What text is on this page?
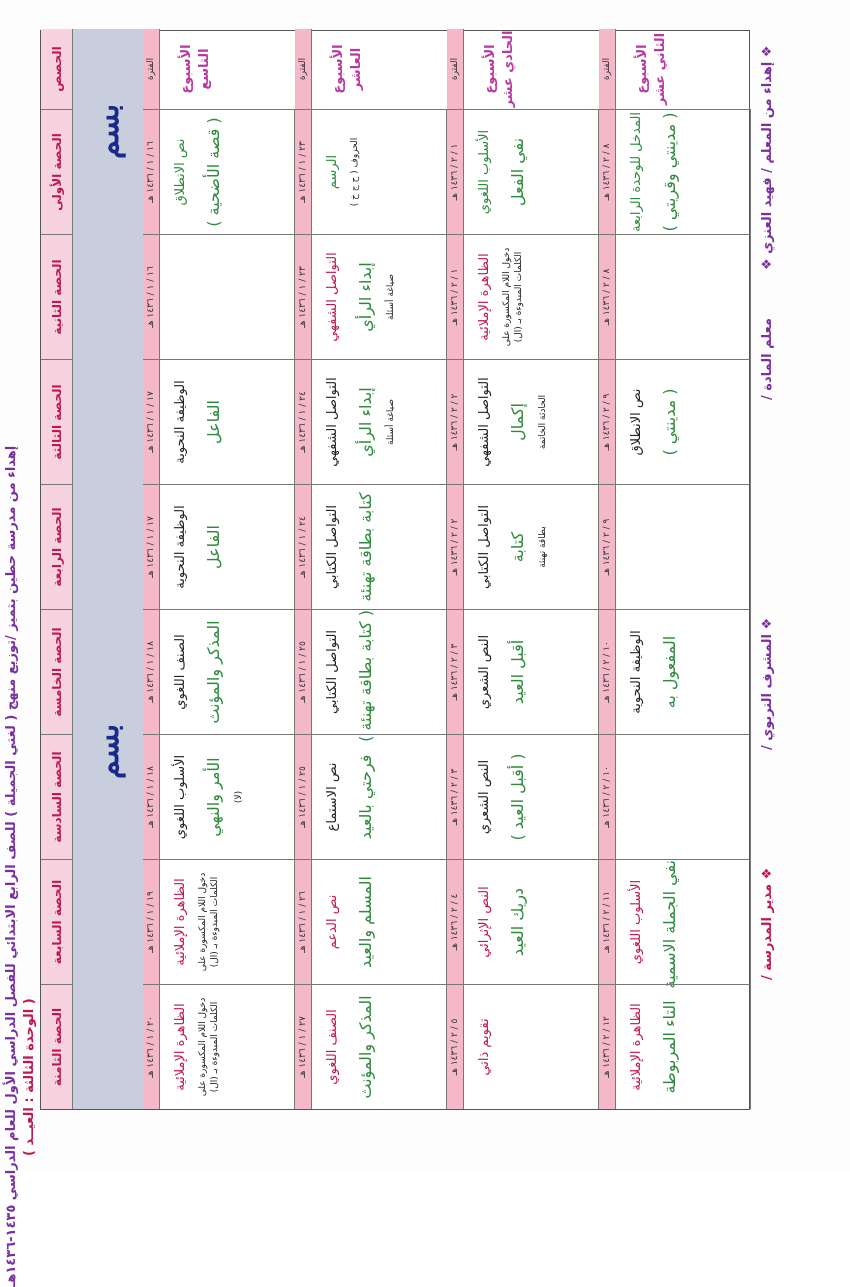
إهداء من مدرسة حطين بتميز /
توزيع منهج ( لغتي الجميلة ) للصف الرابع الابتدائي للفصل الدراسي الأول للعام الدراسي ١٤٣٥-١٤٣٦هـ ( الوحدة الثالثة : العيــد )
❖ إهداء من المعلم / فهيد العنزي ❖
معلم المادة /
❖ المشرف التربوي /
❖ مدير المدرسة /
الحصة الثامنة
الحصة السابعة
الحصة السادسة
الحصة الخامسة
الحصة الرابعة
الحصة الثالثة
الحصة الثانية
الحصة الأولى
الحصص
بسم
بسم
الأسبوع التاسع
الفترة
١٦ / ١ / ١٤٣٦ هـ
١٦ / ١ / ١٤٣٦ هـ
١٧ / ١ / ١٤٣٦ هـ
١٧ / ١ / ١٤٣٦ هـ
١٨ / ١ / ١٤٣٦ هـ
١٨ / ١ / ١٤٣٦ هـ
١٩ / ١ / ١٤٣٦ هـ
٢٠ / ١ / ١٤٣٦ هـ
نص الانطلاق ( قصة الأضحية )
الوظيفة النحوية الفاعل
الوظيفة النحوية الفاعل
الصنف اللغوي المذكر والمؤنث
الأسلوب اللغوي الأمر والنهي (لا)
الظاهرة الإملائية دخول اللام المكسورة على الكلمات المبدوءة بـ (ال)
الظاهرة الإملائية دخول اللام المكسورة على الكلمات المبدوءة بـ (ال)
الأسبوع العاشر
الفترة
٢٣ / ١ / ١٤٣٦ هـ
٢٣ / ١ / ١٤٣٦ هـ
٢٤ / ١ / ١٤٣٦ هـ
٢٤ / ١ / ١٤٣٦ هـ
٢٥ / ١ / ١٤٣٦ هـ
٢٥ / ١ / ١٤٣٦ هـ
٢٦ / ١ / ١٤٣٦ هـ
٢٧ / ١ / ١٤٣٦ هـ
الرسم الحروف ( ح ج خ )
التواصل الشفهي إبداء الرأي صياغة أسئلة
التواصل الشفهي إبداء الرأي صياغة أسئلة
التواصل الكتابي كتابة بطاقة تهنئة
التواصل الكتابي ( كتابة بطاقة تهنئة )
نص الاستماع فرحتي بالعيد
نص الدعم المسلم والعيد
الصنف اللغوي المذكر والمؤنث
الأسبوع الحادي عشر
الفترة
١ / ٢ / ١٤٣٦ هـ
١ / ٢ / ١٤٣٦ هـ
٢ / ٢ / ١٤٣٦ هـ
٢ / ٢ / ١٤٣٦ هـ
٣ / ٢ / ١٤٣٦ هـ
٣ / ٢ / ١٤٣٦ هـ
٤ / ٢ / ١٤٣٦ هـ
٥ / ٢ / ١٤٣٦ هـ
الأسلوب اللغوي نفي الفعل
الظاهرة الإملائية دخول اللام المكسورة على الكلمات المبدوءة بـ (ال)
التواصل الشفهي إكمال الحادثة الخاتمة
التواصل الكتابي كتابة بطاقة تهنئة
النص الشعري أقبل العيد
النص الشعري ( أقبل العيد )
النص الإثرائي دريك العيد
تقويم ذاتي
الأسبوع الثاني عشر
الفترة
٨ / ٢ / ١٤٣٦ هـ
٨ / ٢ / ١٤٣٦ هـ
٩ / ٢ / ١٤٣٦ هـ
٩ / ٢ / ١٤٣٦ هـ
١٠ / ٢ / ١٤٣٦ هـ
١٠ / ٢ / ١٤٣٦ هـ
١١ / ٢ / ١٤٣٦ هـ
١٢ / ٢ / ١٤٣٦ هـ
المدخل للوحدة الرابعة ( مدينتي وقريتي )
نص الانطلاق ( مدينتي )
الوظيفة النحوية المفعول به
الأسلوب اللغوي نفي الجملة الاسمية
الظاهرة الإملائية التاء المربوطة
